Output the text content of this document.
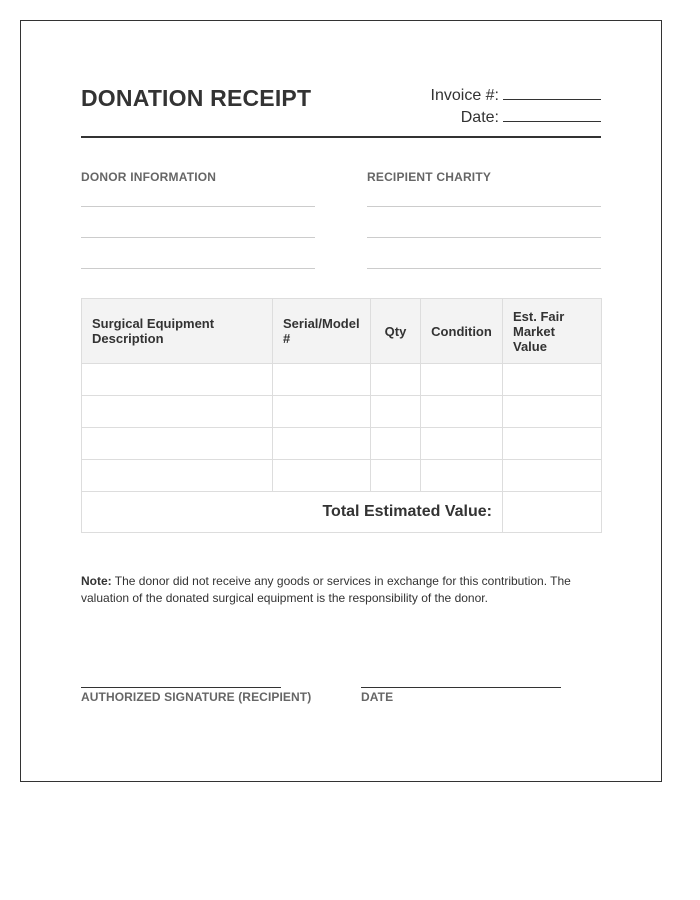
DONATION RECEIPT	Invoice #:
Date:
DONOR INFORMATION	RECIPIENT CHARITY
Surgical Equipment Description	Serial/Model #	Qty	Condition	Est. Fair Market Value

Total Estimated Value:				

Note: The donor did not receive any goods or services in exchange for this contribution. The valuation of the donated surgical equipment is the responsibility of the donor.

AUTHORIZED SIGNATURE (RECIPIENT)	DATE
